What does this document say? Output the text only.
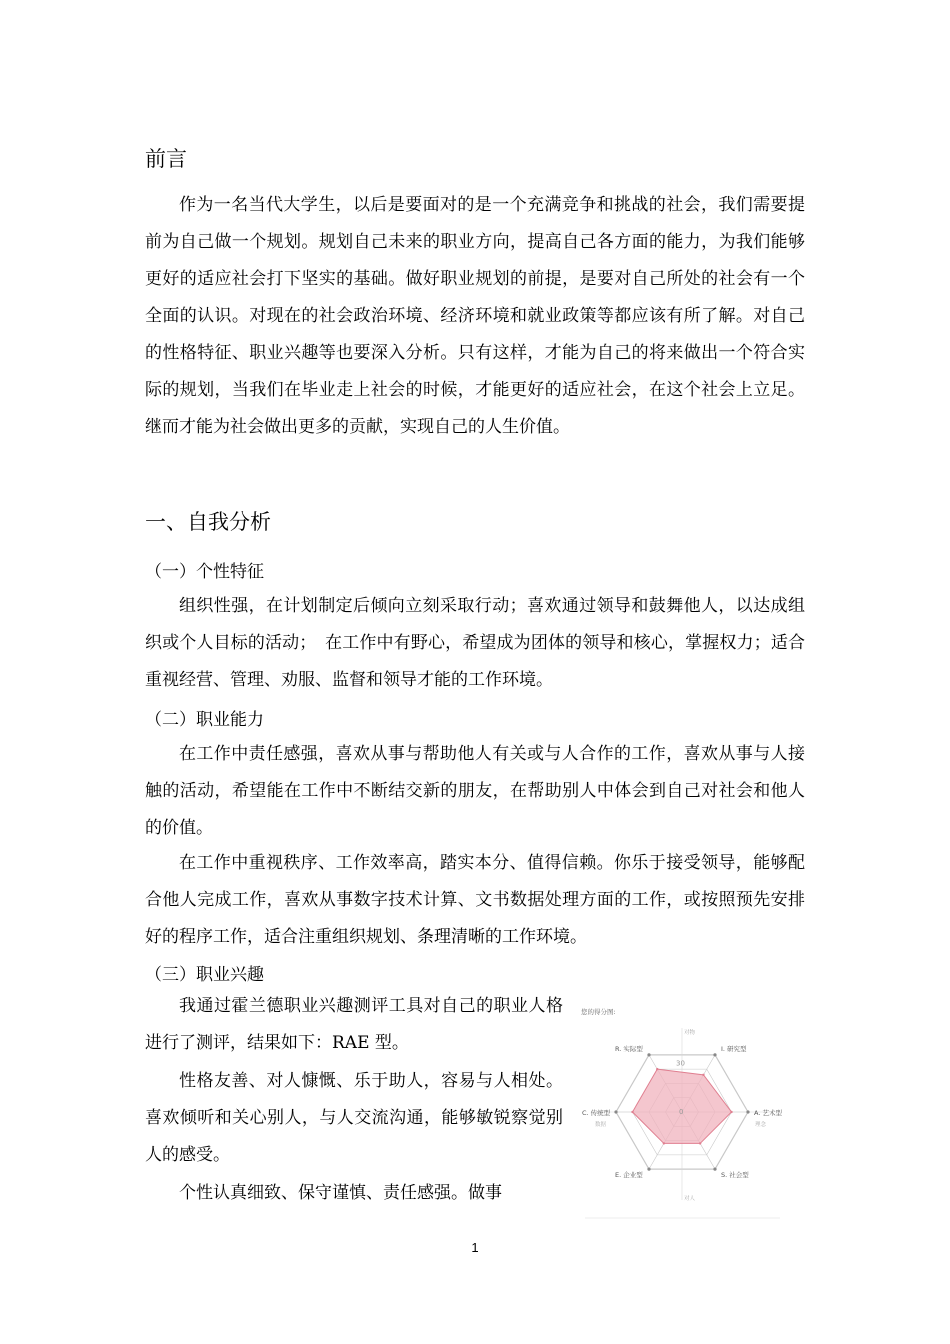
前言

作为一名当代大学生，以后是要面对的是一个充满竞争和挑战的社会，我们需要提前为自己做一个规划。规划自己未来的职业方向，提高自己各方面的能力，为我们能够更好的适应社会打下坚实的基础。做好职业规划的前提，是要对自己所处的社会有一个全面的认识。对现在的社会政治环境、经济环境和就业政策等都应该有所了解。对自己的性格特征、职业兴趣等也要深入分析。只有这样，才能为自己的将来做出一个符合实际的规划，当我们在毕业走上社会的时候，才能更好的适应社会，在这个社会上立足。继而才能为社会做出更多的贡献，实现自己的人生价值。

一、自我分析
（一）个性特征

组织性强，在计划制定后倾向立刻采取行动；喜欢通过领导和鼓舞他人，以达成组织或个人目标的活动；　在工作中有野心，希望成为团体的领导和核心，掌握权力；适合重视经营、管理、劝服、监督和领导才能的工作环境。

（二）职业能力

在工作中责任感强，喜欢从事与帮助他人有关或与人合作的工作，喜欢从事与人接触的活动，希望能在工作中不断结交新的朋友，在帮助别人中体会到自己对社会和他人的价值。

在工作中重视秩序、工作效率高，踏实本分、值得信赖。你乐于接受领导，能够配合他人完成工作，喜欢从事数字技术计算、文书数据处理方面的工作，或按照预先安排好的程序工作，适合注重组织规划、条理清晰的工作环境。

（三）职业兴趣

我通过霍兰德职业兴趣测评工具对自己的职业人格进行了测评，结果如下：RAE 型。

性格友善、对人慷慨、乐于助人，容易与人相处。喜欢倾听和关心别人，与人交流沟通，能够敏锐察觉别人的感受。

个性认真细致、保守谨慎、责任感强。做事

您的得分图:
0
30
R. 实际型	I. 研究型
A. 艺术型
S. 社会型
E. 企业型
C. 传统型
对物
理念
对人
数据
1
